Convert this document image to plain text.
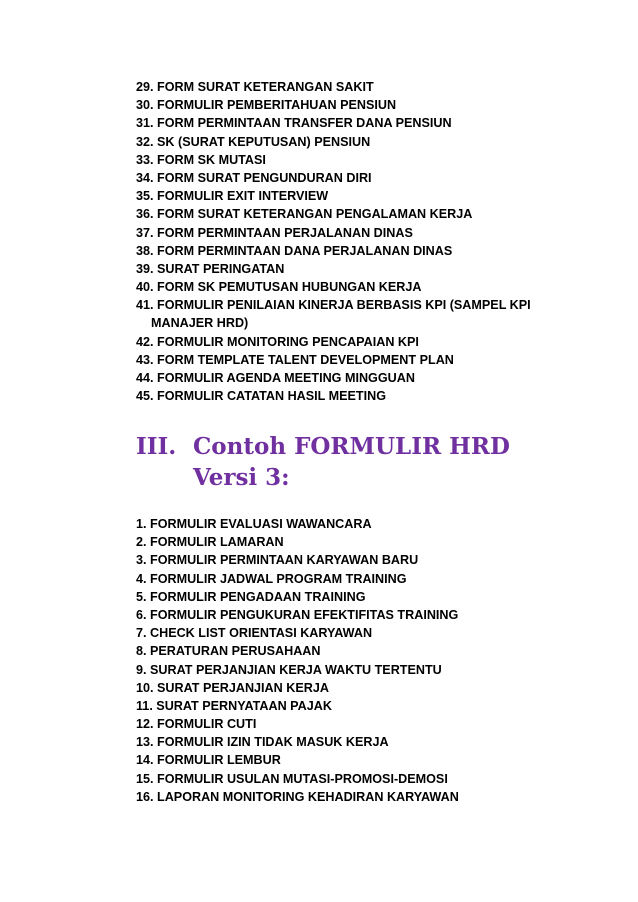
29. FORM SURAT KETERANGAN SAKIT
30. FORMULIR PEMBERITAHUAN PENSIUN
31. FORM PERMINTAAN TRANSFER DANA PENSIUN
32. SK (SURAT KEPUTUSAN) PENSIUN
33. FORM SK MUTASI
34. FORM SURAT PENGUNDURAN DIRI
35. FORMULIR EXIT INTERVIEW
36. FORM SURAT KETERANGAN PENGALAMAN KERJA
37. FORM PERMINTAAN PERJALANAN DINAS
38. FORM PERMINTAAN DANA PERJALANAN DINAS
39. SURAT PERINGATAN
40. FORM SK PEMUTUSAN HUBUNGAN KERJA
41. FORMULIR PENILAIAN KINERJA BERBASIS KPI (SAMPEL KPI
MANAJER HRD)
42. FORMULIR MONITORING PENCAPAIAN KPI
43. FORM TEMPLATE TALENT DEVELOPMENT PLAN
44. FORMULIR AGENDA MEETING MINGGUAN
45. FORMULIR CATATAN HASIL MEETING
III. Contoh FORMULIR HRD
Versi 3:
1. FORMULIR EVALUASI WAWANCARA
2. FORMULIR LAMARAN
3. FORMULIR PERMINTAAN KARYAWAN BARU
4. FORMULIR JADWAL PROGRAM TRAINING
5. FORMULIR PENGADAAN TRAINING
6. FORMULIR PENGUKURAN EFEKTIFITAS TRAINING
7. CHECK LIST ORIENTASI KARYAWAN
8. PERATURAN PERUSAHAAN
9. SURAT PERJANJIAN KERJA WAKTU TERTENTU
10. SURAT PERJANJIAN KERJA
11. SURAT PERNYATAAN PAJAK
12. FORMULIR CUTI
13. FORMULIR IZIN TIDAK MASUK KERJA
14. FORMULIR LEMBUR
15. FORMULIR USULAN MUTASI-PROMOSI-DEMOSI
16. LAPORAN MONITORING KEHADIRAN KARYAWAN
